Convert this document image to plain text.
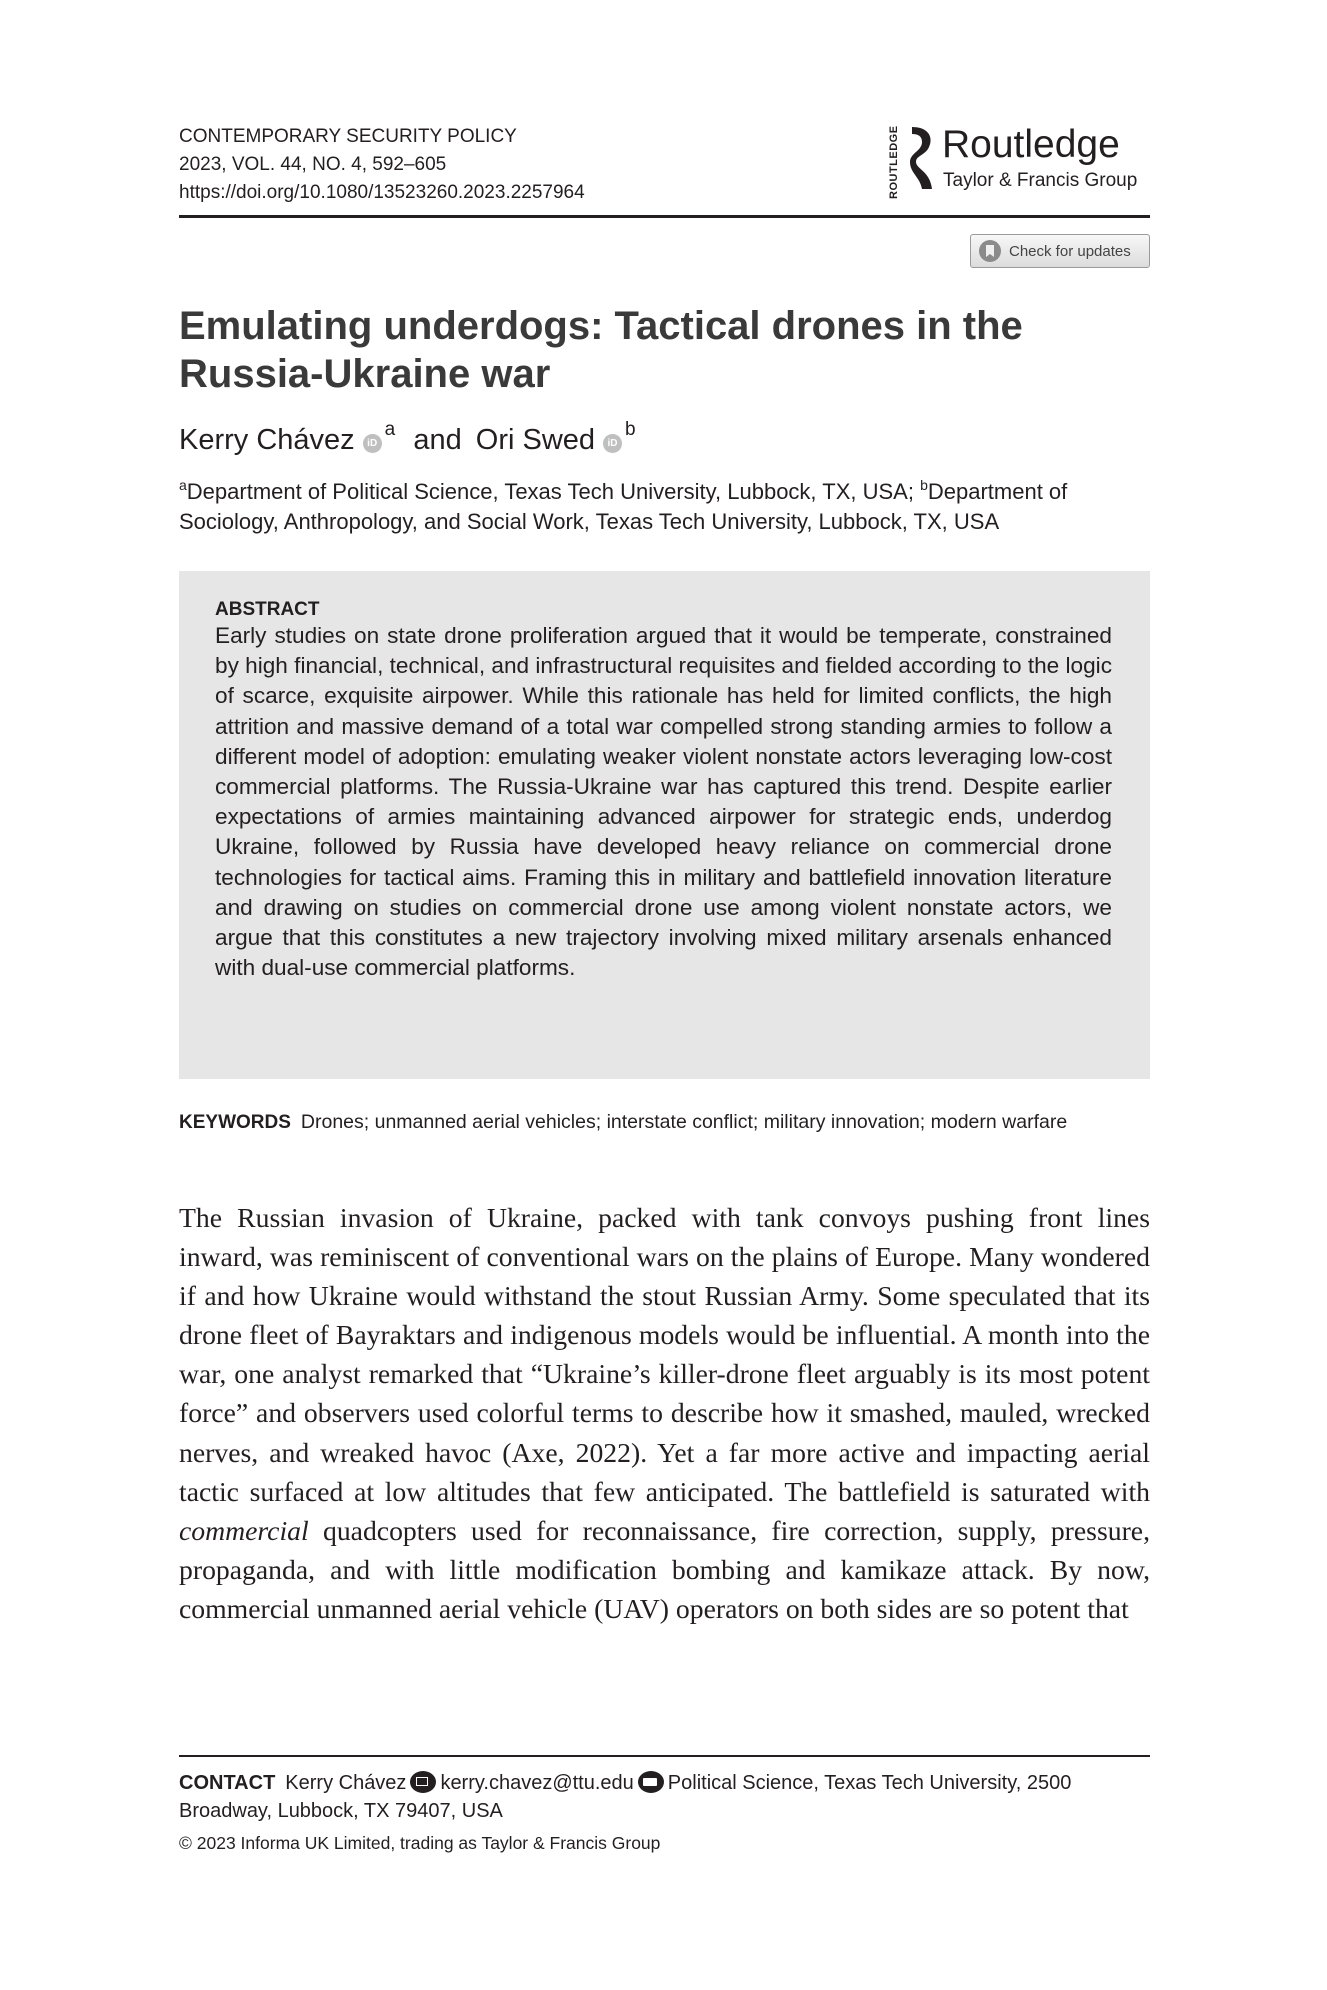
CONTEMPORARY SECURITY POLICY
2023, VOL. 44, NO. 4, 592–605
https://doi.org/10.1080/13523260.2023.2257964	ROUTLEDGE Routledge
Taylor & Francis Group
Check for updates
Emulating underdogs: Tactical drones in the Russia-Ukraine war
Kerry Chávez $iD^a$ and Ori Swed $iD^b$

$^a$Department of Political Science, Texas Tech University, Lubbock, TX, USA; $^b$Department of Sociology, Anthropology, and Social Work, Texas Tech University, Lubbock, TX, USA

ABSTRACT

Early studies on state drone proliferation argued that it would be temperate, constrained by high financial, technical, and infrastructural requisites and fielded according to the logic of scarce, exquisite airpower. While this rationale has held for limited conflicts, the high attrition and massive demand of a total war compelled strong standing armies to follow a different model of adoption: emulating weaker violent nonstate actors leveraging low-cost commercial platforms. The Russia-Ukraine war has captured this trend. Despite earlier expectations of armies maintaining advanced airpower for strategic ends, underdog Ukraine, followed by Russia have developed heavy reliance on commercial drone technologies for tactical aims. Framing this in military and battlefield innovation literature and drawing on studies on commercial drone use among violent nonstate actors, we argue that this constitutes a new trajectory involving mixed military arsenals enhanced with dual-use commercial platforms.

KEYWORDS Drones; unmanned aerial vehicles; interstate conflict; military innovation; modern warfare

The Russian invasion of Ukraine, packed with tank convoys pushing front lines inward, was reminiscent of conventional wars on the plains of Europe. Many wondered if and how Ukraine would withstand the stout Russian Army. Some speculated that its drone fleet of Bayraktars and indigenous models would be influential. A month into the war, one analyst remarked that “Ukraine’s killer-drone fleet arguably is its most potent force” and observers used colorful terms to describe how it smashed, mauled, wrecked nerves, and wreaked havoc (Axe, 2022). Yet a far more active and impacting aerial tactic surfaced at low altitudes that few anticipated. The battlefield is saturated with commercial quadcopters used for reconnaissance, fire correction, supply, pressure, propaganda, and with little modification bombing and kamikaze attack. By now, commercial unmanned aerial vehicle (UAV) operators on both sides are so potent that

CONTACT Kerry Chávez kerry.chavez@ttu.edu Political Science, Texas Tech University, 2500 Broadway, Lubbock, TX 79407, USA

© 2023 Informa UK Limited, trading as Taylor & Francis Group
